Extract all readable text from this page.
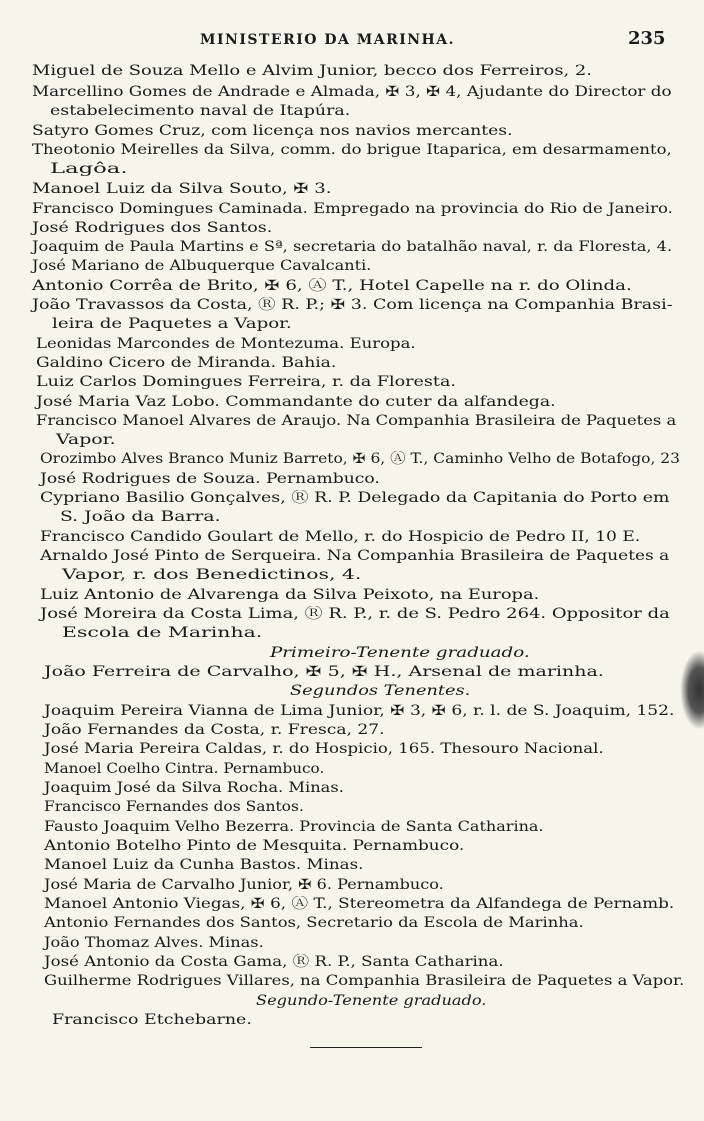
MINISTERIO DA MARINHA.	235
Miguel de Souza Mello e Alvim Junior, becco dos Ferreiros, 2.
Marcellino Gomes de Andrade e Almada, ✠ 3, ✠ 4, Ajudante do Director do
estabelecimento naval de Itapúra.
Satyro Gomes Cruz, com licença nos navios mercantes.
Theotonio Meirelles da Silva, comm. do brigue Itaparica, em desarmamento,
Lagôa.
Manoel Luiz da Silva Souto, ✠ 3.
Francisco Domingues Caminada. Empregado na provincia do Rio de Janeiro.
José Rodrigues dos Santos.
Joaquim de Paula Martins e Sª, secretaria do batalhão naval, r. da Floresta, 4.
José Mariano de Albuquerque Cavalcanti.
Antonio Corrêa de Brito, ✠ 6, Ⓐ T., Hotel Capelle na r. do Olinda.
João Travassos da Costa, Ⓡ R. P.; ✠ 3. Com licença na Companhia Brasi-
leira de Paquetes a Vapor.
Leonidas Marcondes de Montezuma. Europa.
Galdino Cicero de Miranda. Bahia.
Luiz Carlos Domingues Ferreira, r. da Floresta.
José Maria Vaz Lobo. Commandante do cuter da alfandega.
Francisco Manoel Alvares de Araujo. Na Companhia Brasileira de Paquetes a
Vapor.
Orozimbo Alves Branco Muniz Barreto, ✠ 6, Ⓐ T., Caminho Velho de Botafogo, 23
José Rodrigues de Souza. Pernambuco.
Cypriano Basilio Gonçalves, Ⓡ R. P. Delegado da Capitania do Porto em
S. João da Barra.
Francisco Candido Goulart de Mello, r. do Hospicio de Pedro II, 10 E.
Arnaldo José Pinto de Serqueira. Na Companhia Brasileira de Paquetes a
Vapor, r. dos Benedictinos, 4.
Luiz Antonio de Alvarenga da Silva Peixoto, na Europa.
José Moreira da Costa Lima, Ⓡ R. P., r. de S. Pedro 264. Oppositor da
Escola de Marinha.
Primeiro-Tenente graduado.
João Ferreira de Carvalho, ✠ 5, ✠ H., Arsenal de marinha.
Segundos Tenentes.
Joaquim Pereira Vianna de Lima Junior, ✠ 3, ✠ 6, r. l. de S. Joaquim, 152.
João Fernandes da Costa, r. Fresca, 27.
José Maria Pereira Caldas, r. do Hospicio, 165. Thesouro Nacional.
Manoel Coelho Cintra. Pernambuco.
Joaquim José da Silva Rocha. Minas.
Francisco Fernandes dos Santos.
Fausto Joaquim Velho Bezerra. Provincia de Santa Catharina.
Antonio Botelho Pinto de Mesquita. Pernambuco.
Manoel Luiz da Cunha Bastos. Minas.
José Maria de Carvalho Junior, ✠ 6. Pernambuco.
Manoel Antonio Viegas, ✠ 6, Ⓐ T., Stereometra da Alfandega de Pernamb.
Antonio Fernandes dos Santos, Secretario da Escola de Marinha.
João Thomaz Alves. Minas.
José Antonio da Costa Gama, Ⓡ R. P., Santa Catharina.
Guilherme Rodrigues Villares, na Companhia Brasileira de Paquetes a Vapor.
Segundo-Tenente graduado.
Francisco Etchebarne.
